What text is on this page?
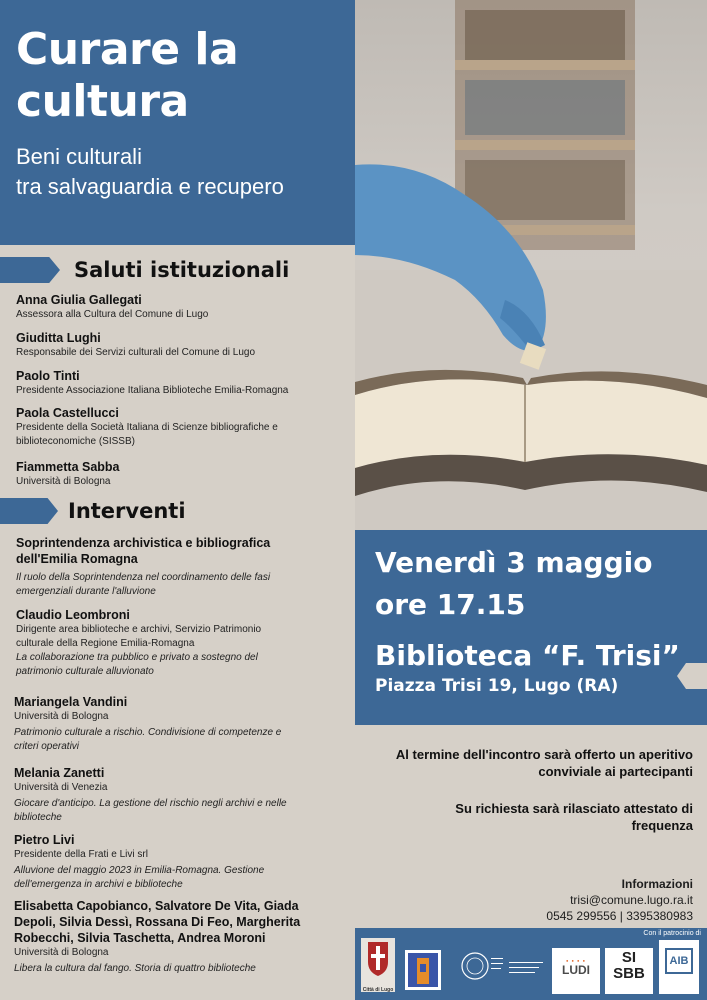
Curare la
cultura
Beni culturali
tra salvaguardia e recupero
Saluti istituzionali
Anna Giulia Gallegati
Assessora alla Cultura del Comune di Lugo
Giuditta Lughi
Responsabile dei Servizi culturali del Comune di Lugo
Paolo Tinti
Presidente Associazione Italiana Biblioteche Emilia-Romagna
Paola Castellucci
Presidente della Società Italiana di Scienze bibliografiche e biblioteconomiche (SISSB)
Fiammetta Sabba
Università di Bologna
Interventi
Soprintendenza archivistica e bibliografica dell'Emilia Romagna
Il ruolo della Soprintendenza nel coordinamento delle fasi emergenziali durante l'alluvione
Claudio Leombroni
Dirigente area biblioteche e archivi, Servizio Patrimonio culturale della Regione Emilia-Romagna
La collaborazione tra pubblico e privato a sostegno del patrimonio culturale alluvionato
Mariangela Vandini
Università di Bologna
Patrimonio culturale a rischio. Condivisione di competenze e criteri operativi
Melania Zanetti
Università di Venezia
Giocare d'anticipo. La gestione del rischio negli archivi e nelle biblioteche
Pietro Livi
Presidente della Frati e Livi srl
Alluvione del maggio 2023 in Emilia-Romagna. Gestione dell'emergenza in archivi e biblioteche
Elisabetta Capobianco, Salvatore De Vita, Giada Depoli, Silvia Dessì, Rossana Di Feo, Margherita Robecchi, Silvia Taschetta, Andrea Moroni
Università di Bologna
Libera la cultura dal fango. Storia di quattro biblioteche
Venerdì 3 maggio
ore 17.15
Biblioteca “F. Trisi”
Piazza Trisi 19, Lugo (RA)
Al termine dell'incontro sarà offerto un aperitivo conviviale ai partecipanti
Su richiesta sarà rilasciato attestato di frequenza
Informazioni
trisi@comune.lugo.ra.it
0545 299556 | 3395380983
Con il patrocinio di
Città di Lugo
● ● ● ●
LUDI
SI
SBB
AIB
